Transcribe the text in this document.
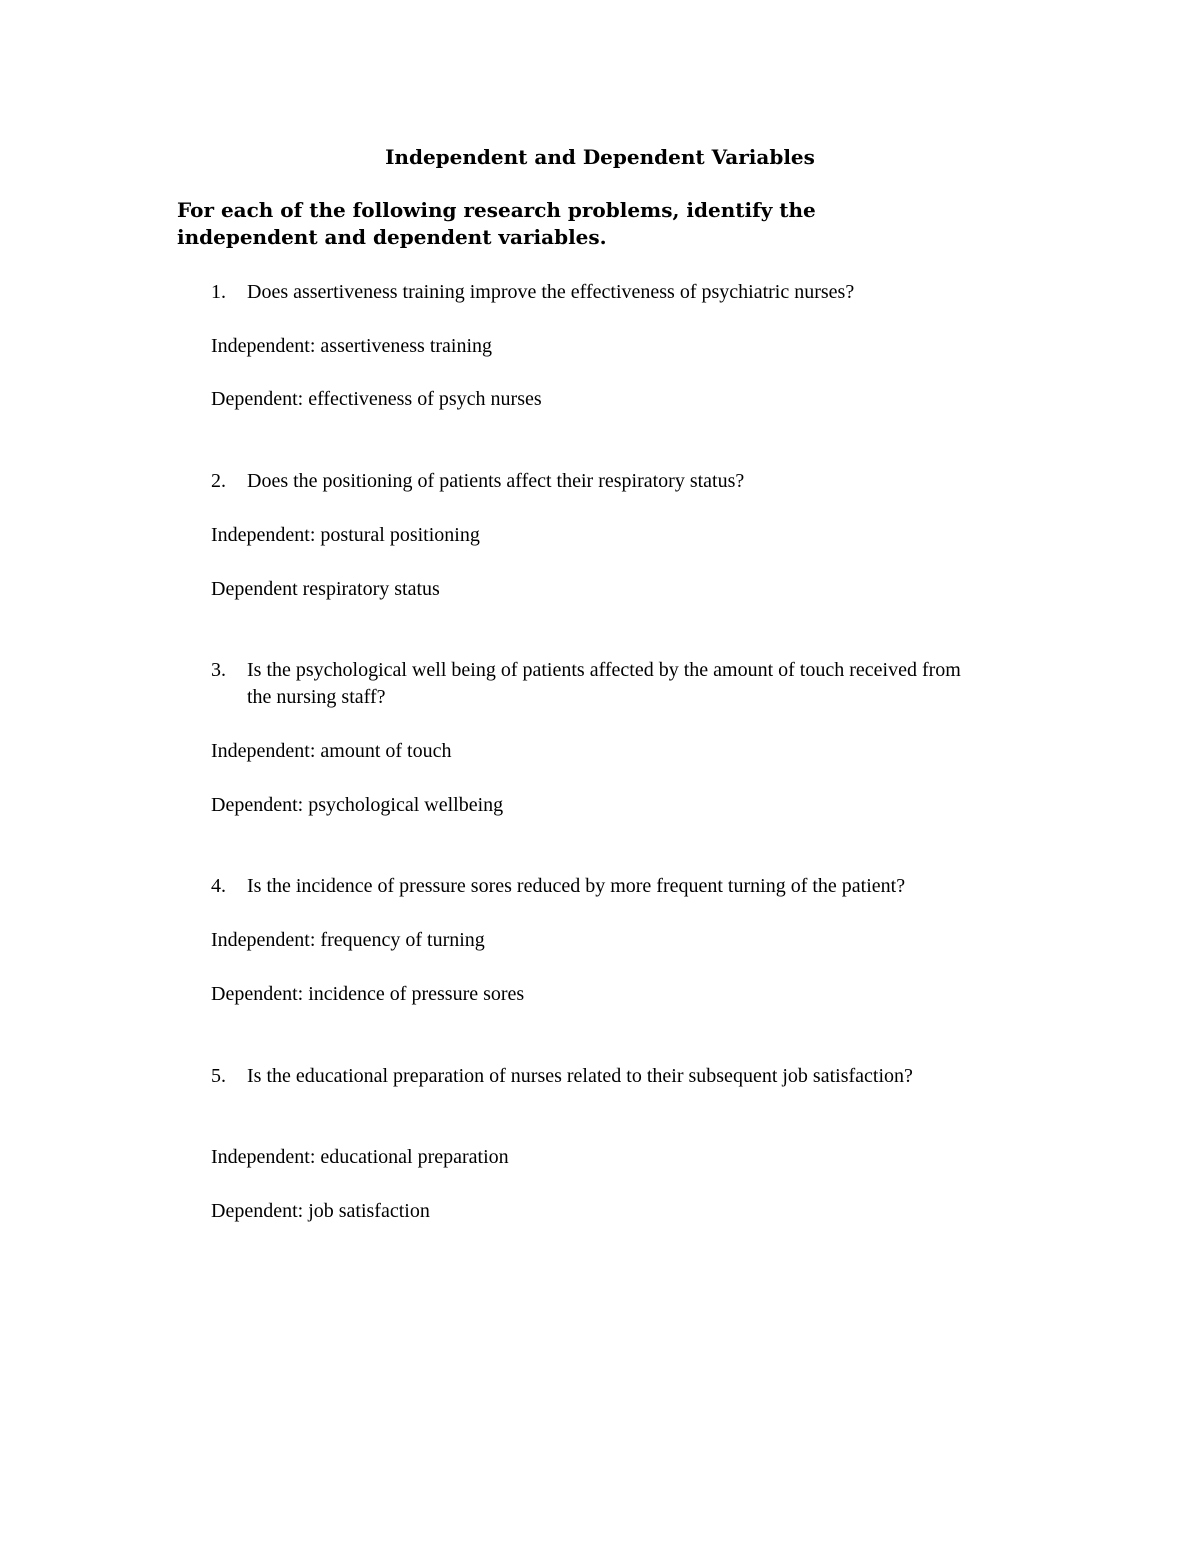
Independent and Dependent Variables
For each of the following research problems, identify the independent and dependent variables.
1. Does assertiveness training improve the effectiveness of psychiatric nurses?
Independent: assertiveness training
Dependent: effectiveness of psych nurses
2. Does the positioning of patients affect their respiratory status?
Independent: postural positioning
Dependent respiratory status
3. Is the psychological well being of patients affected by the amount of touch received from the nursing staff?
Independent: amount of touch
Dependent: psychological wellbeing
4. Is the incidence of pressure sores reduced by more frequent turning of the patient?
Independent: frequency of turning
Dependent: incidence of pressure sores
5. Is the educational preparation of nurses related to their subsequent job satisfaction?
Independent: educational preparation
Dependent: job satisfaction
